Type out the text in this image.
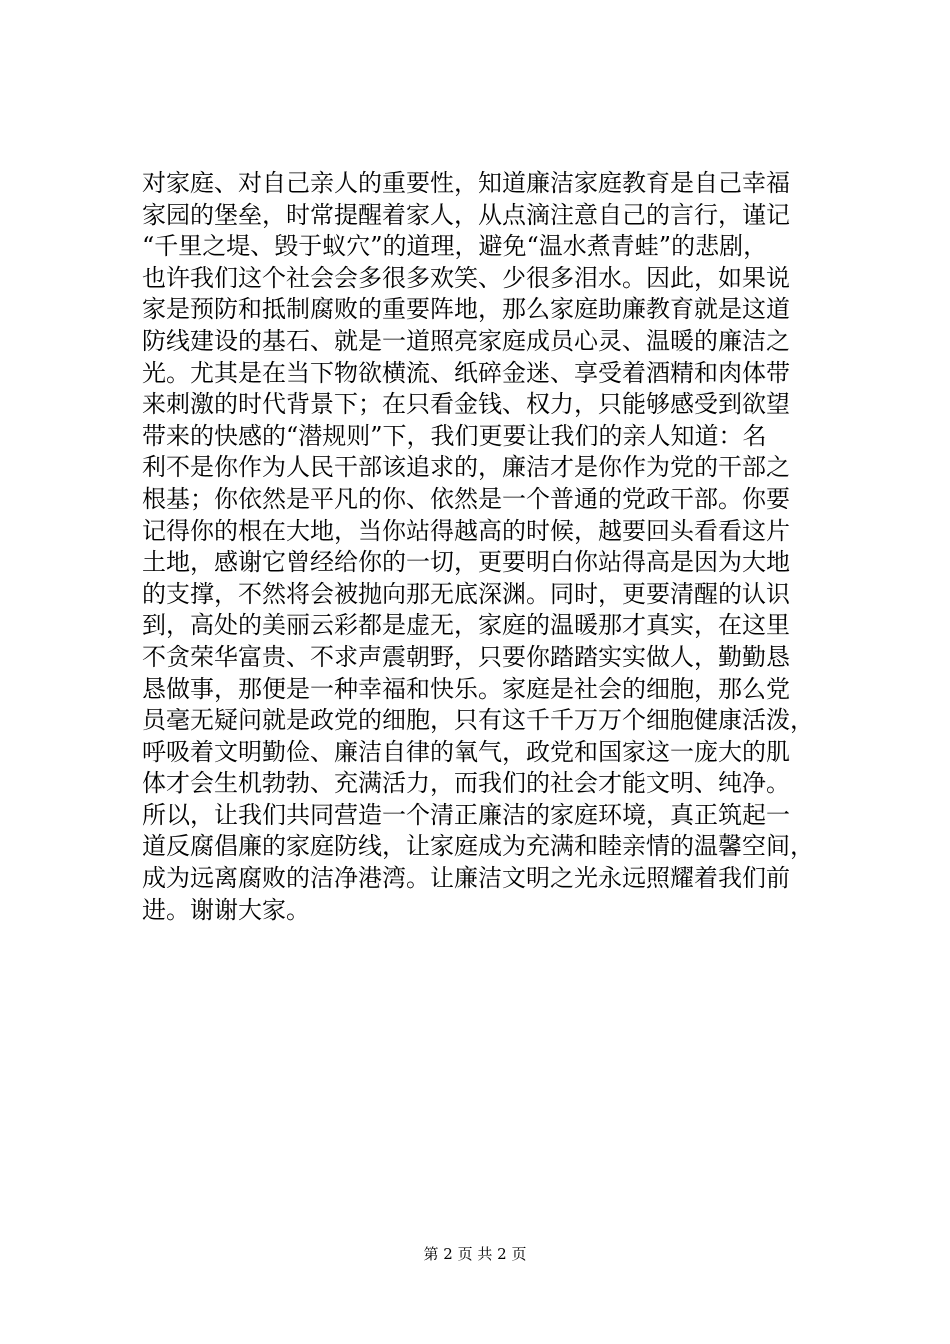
对家庭、对自己亲人的重要性，知道廉洁家庭教育是自己幸福
家园的堡垒，时常提醒着家人，从点滴注意自己的言行，谨记
“千里之堤、毁于蚁穴”的道理，避免“温水煮青蛙”的悲剧，
也许我们这个社会会多很多欢笑、少很多泪水。因此，如果说
家是预防和抵制腐败的重要阵地，那么家庭助廉教育就是这道
防线建设的基石、就是一道照亮家庭成员心灵、温暖的廉洁之
光。尤其是在当下物欲横流、纸碎金迷、享受着酒精和肉体带
来刺激的时代背景下；在只看金钱、权力，只能够感受到欲望
带来的快感的“潜规则”下，我们更要让我们的亲人知道：名
利不是你作为人民干部该追求的，廉洁才是你作为党的干部之
根基；你依然是平凡的你、依然是一个普通的党政干部。你要
记得你的根在大地，当你站得越高的时候，越要回头看看这片
土地，感谢它曾经给你的一切，更要明白你站得高是因为大地
的支撑，不然将会被抛向那无底深渊。同时，更要清醒的认识
到，高处的美丽云彩都是虚无，家庭的温暖那才真实，在这里
不贪荣华富贵、不求声震朝野，只要你踏踏实实做人，勤勤恳
恳做事，那便是一种幸福和快乐。家庭是社会的细胞，那么党
员毫无疑问就是政党的细胞，只有这千千万万个细胞健康活泼，
呼吸着文明勤俭、廉洁自律的氧气，政党和国家这一庞大的肌
体才会生机勃勃、充满活力，而我们的社会才能文明、纯净。
所以，让我们共同营造一个清正廉洁的家庭环境，真正筑起一
道反腐倡廉的家庭防线，让家庭成为充满和睦亲情的温馨空间，
成为远离腐败的洁净港湾。让廉洁文明之光永远照耀着我们前
进。谢谢大家。
第 2 页 共 2 页
